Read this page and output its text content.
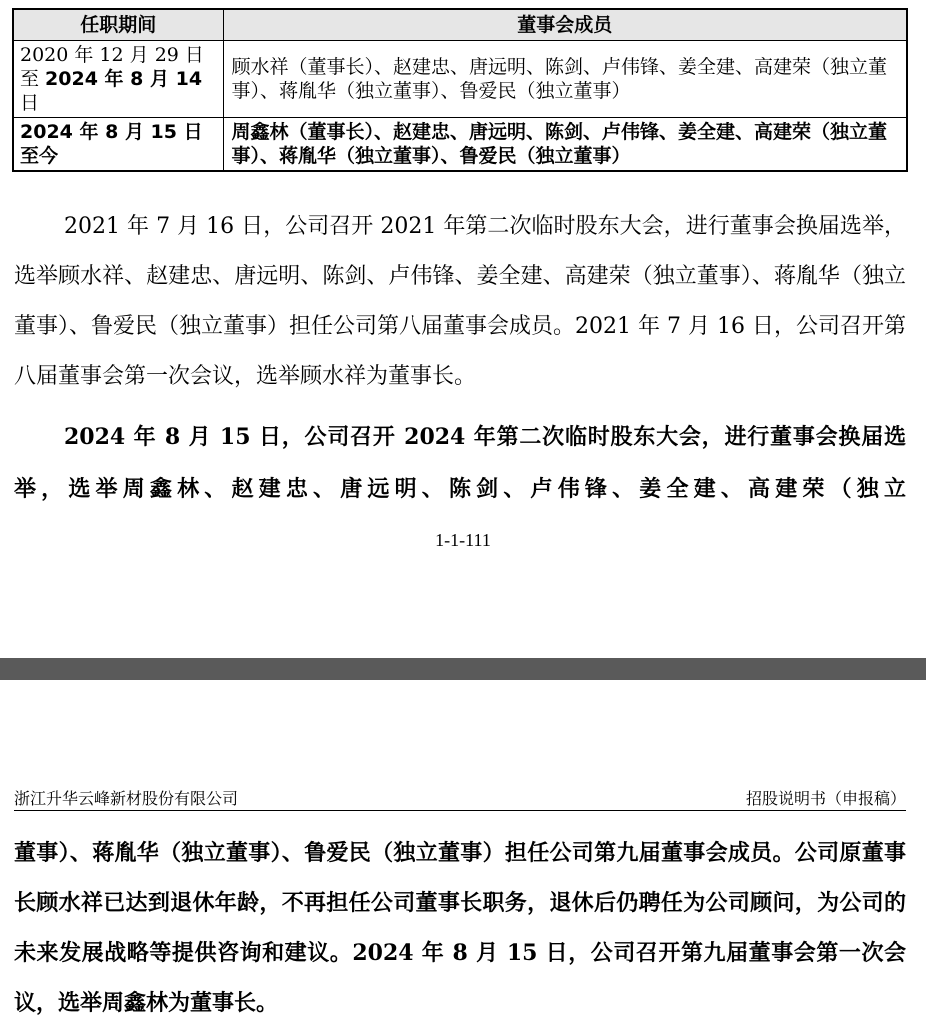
任职期间	董事会成员
2020 年 12 月 29 日至 2024 年 8 月 14 日	顾水祥（董事长）、赵建忠、唐远明、陈剑、卢伟锋、姜全建、高建荣（独立董事）、蒋胤华（独立董事）、鲁爱民（独立董事）
2024 年 8 月 15 日至今	周鑫林（董事长）、赵建忠、唐远明、陈剑、卢伟锋、姜全建、高建荣（独立董事）、蒋胤华（独立董事）、鲁爱民（独立董事）

2021 年 7 月 16 日，公司召开 2021 年第二次临时股东大会，进行董事会换届选举，选举顾水祥、赵建忠、唐远明、陈剑、卢伟锋、姜全建、高建荣（独立董事）、蒋胤华（独立董事）、鲁爱民（独立董事）担任公司第八届董事会成员。2021 年 7 月 16 日，公司召开第八届董事会第一次会议，选举顾水祥为董事长。

2024 年 8 月 15 日，公司召开 2024 年第二次临时股东大会，进行董事会换届选举，选举周鑫林、赵建忠、唐远明、陈剑、卢伟锋、姜全建、高建荣（独立

1-1-111
浙江升华云峰新材股份有限公司	招股说明书（申报稿）

董事）、蒋胤华（独立董事）、鲁爱民（独立董事）担任公司第九届董事会成员。公司原董事长顾水祥已达到退休年龄，不再担任公司董事长职务，退休后仍聘任为公司顾问，为公司的未来发展战略等提供咨询和建议。2024 年 8 月 15 日，公司召开第九届董事会第一次会议，选举周鑫林为董事长。
